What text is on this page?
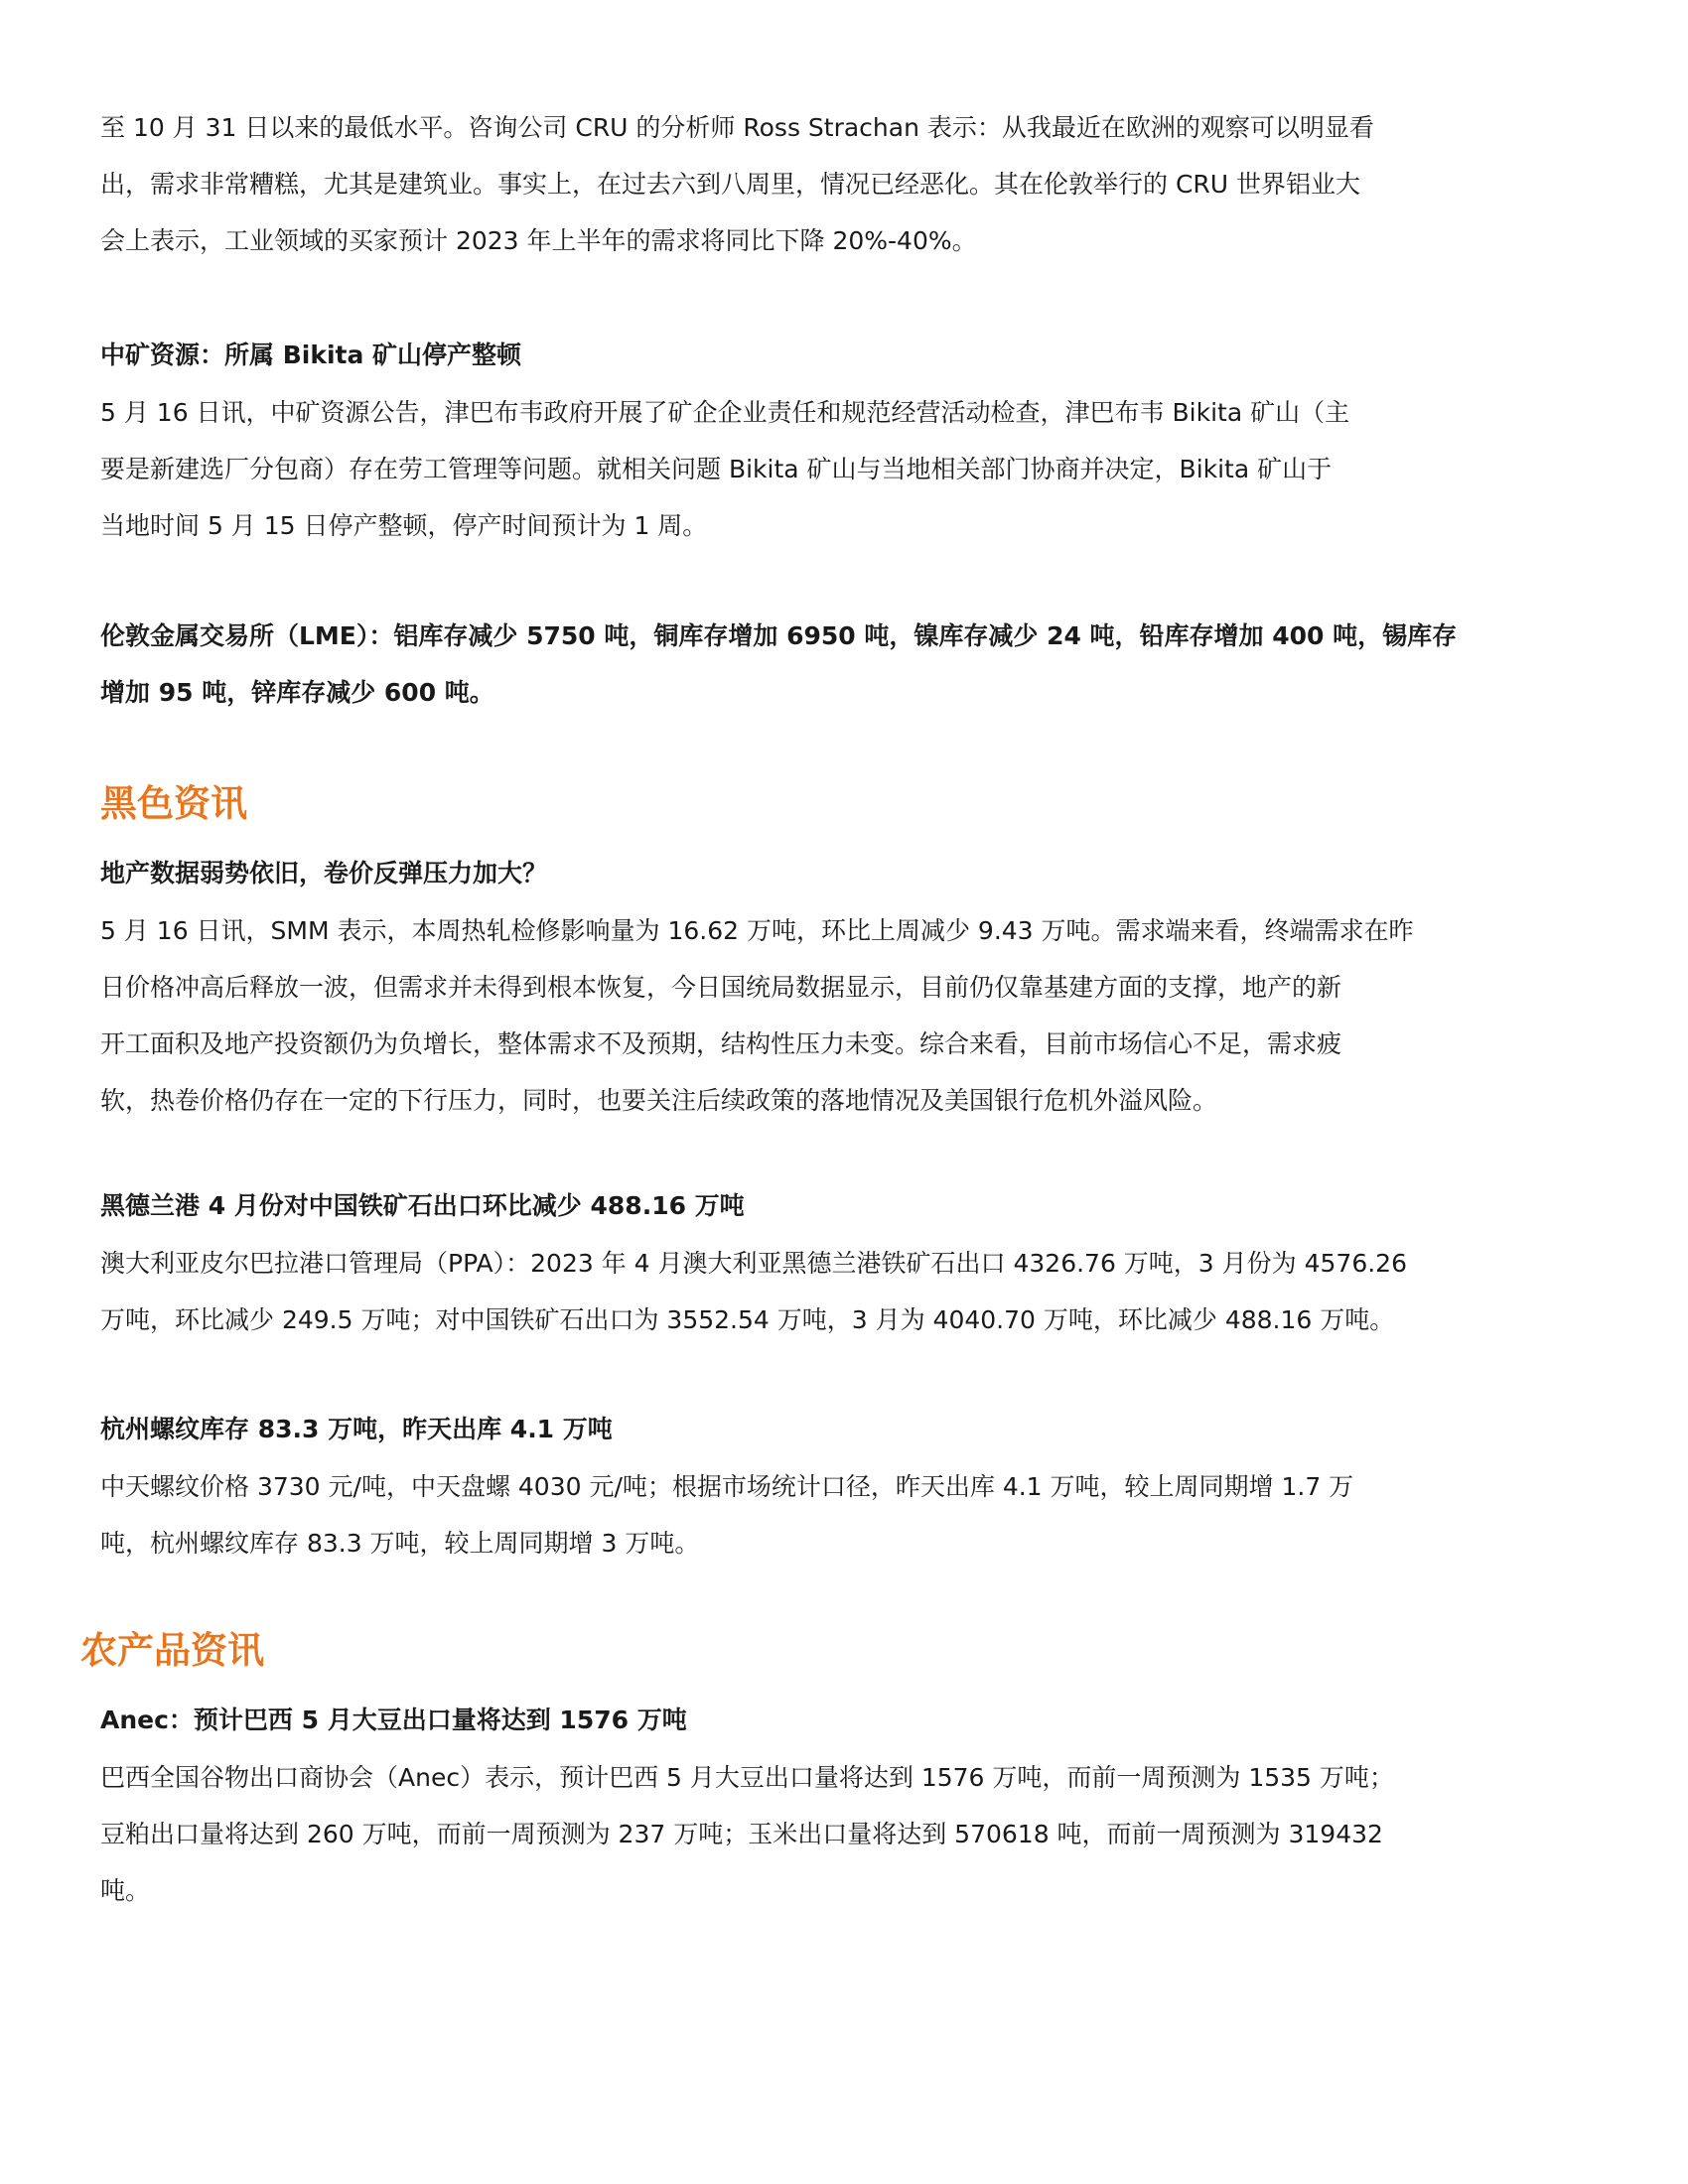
至 10 月 31 日以来的最低水平。咨询公司 CRU 的分析师 Ross Strachan 表示：从我最近在欧洲的观察可以明显看
出，需求非常糟糕，尤其是建筑业。事实上，在过去六到八周里，情况已经恶化。其在伦敦举行的 CRU 世界铝业大
会上表示，工业领域的买家预计 2023 年上半年的需求将同比下降 20%-40%。

中矿资源：所属 Bikita 矿山停产整顿

5 月 16 日讯，中矿资源公告，津巴布韦政府开展了矿企企业责任和规范经营活动检查，津巴布韦 Bikita 矿山（主
要是新建选厂分包商）存在劳工管理等问题。就相关问题 Bikita 矿山与当地相关部门协商并决定，Bikita 矿山于
当地时间 5 月 15 日停产整顿，停产时间预计为 1 周。

伦敦金属交易所（LME）：铝库存减少 5750 吨，铜库存增加 6950 吨，镍库存减少 24 吨，铅库存增加 400 吨，锡库存
增加 95 吨，锌库存减少 600 吨。

黑色资讯
地产数据弱势依旧，卷价反弹压力加大？

5 月 16 日讯，SMM 表示，本周热轧检修影响量为 16.62 万吨，环比上周减少 9.43 万吨。需求端来看，终端需求在昨
日价格冲高后释放一波，但需求并未得到根本恢复，今日国统局数据显示，目前仍仅靠基建方面的支撑，地产的新
开工面积及地产投资额仍为负增长，整体需求不及预期，结构性压力未变。综合来看，目前市场信心不足，需求疲
软，热卷价格仍存在一定的下行压力，同时，也要关注后续政策的落地情况及美国银行危机外溢风险。

黑德兰港 4 月份对中国铁矿石出口环比减少 488.16 万吨

澳大利亚皮尔巴拉港口管理局（PPA）：2023 年 4 月澳大利亚黑德兰港铁矿石出口 4326.76 万吨，3 月份为 4576.26
万吨，环比减少 249.5 万吨；对中国铁矿石出口为 3552.54 万吨，3 月为 4040.70 万吨，环比减少 488.16 万吨。

杭州螺纹库存 83.3 万吨，昨天出库 4.1 万吨

中天螺纹价格 3730 元/吨，中天盘螺 4030 元/吨；根据市场统计口径，昨天出库 4.1 万吨，较上周同期增 1.7 万
吨，杭州螺纹库存 83.3 万吨，较上周同期增 3 万吨。

农产品资讯
Anec：预计巴西 5 月大豆出口量将达到 1576 万吨

巴西全国谷物出口商协会（Anec）表示，预计巴西 5 月大豆出口量将达到 1576 万吨，而前一周预测为 1535 万吨；
豆粕出口量将达到 260 万吨，而前一周预测为 237 万吨；玉米出口量将达到 570618 吨，而前一周预测为 319432
吨。
